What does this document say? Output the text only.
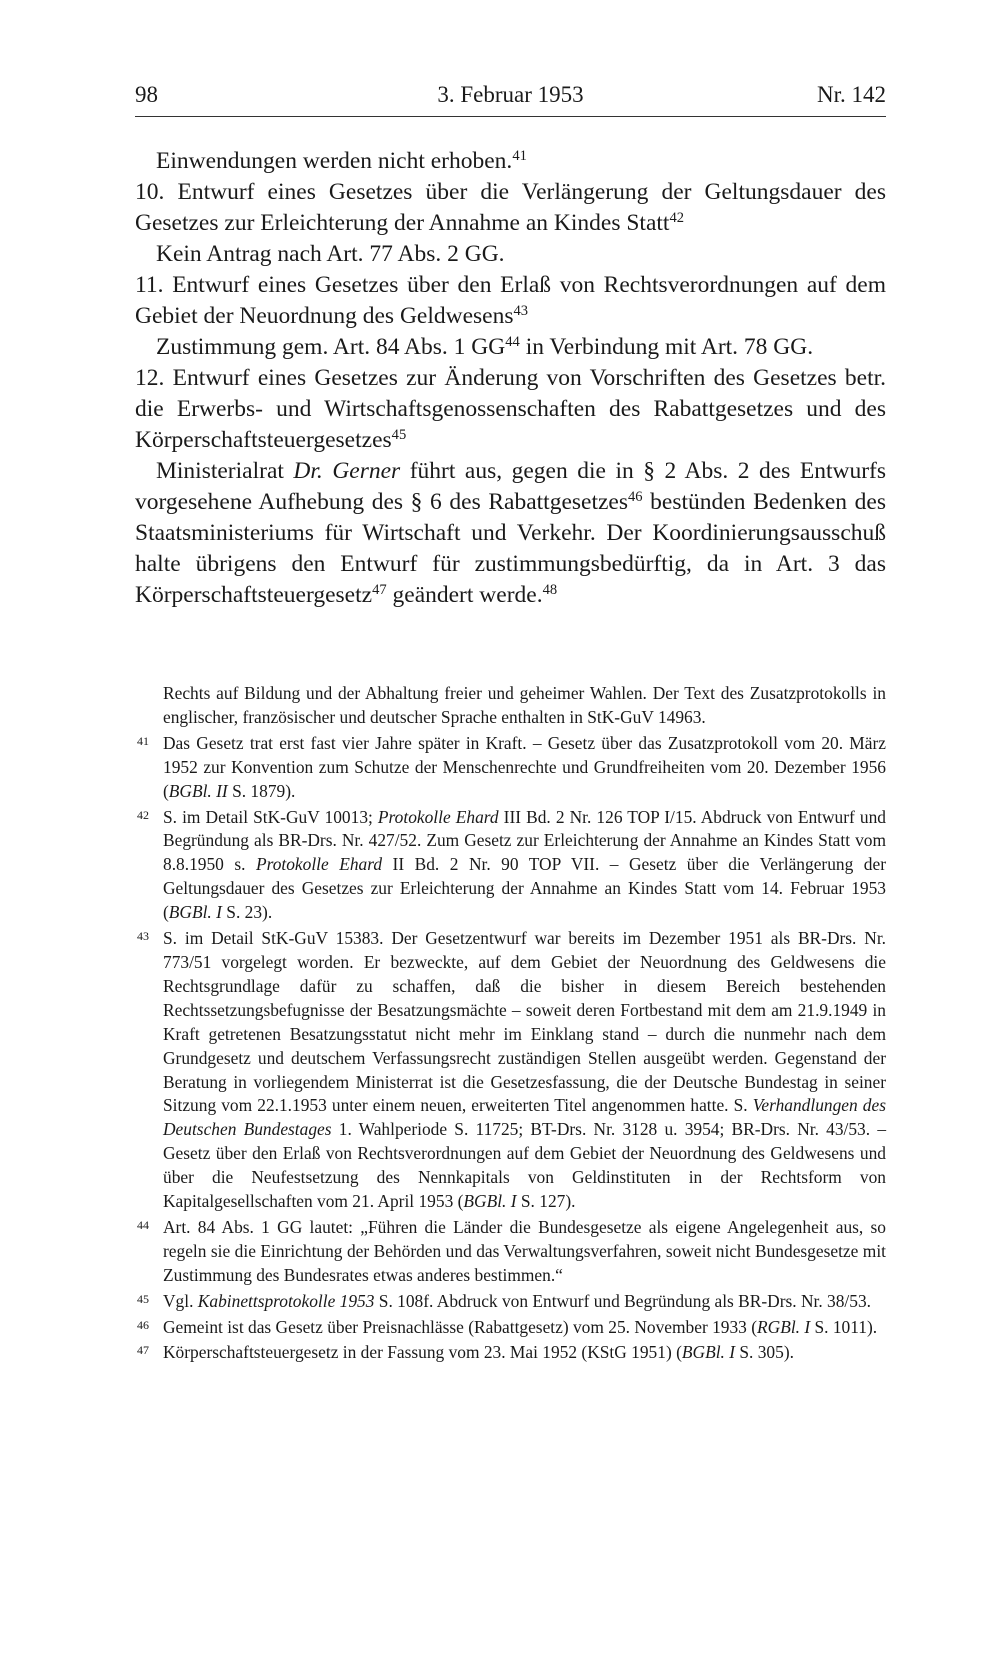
98	3. Februar 1953	Nr. 142

Einwendungen werden nicht erhoben.$^{41}$

10. Entwurf eines Gesetzes über die Verlängerung der Geltungsdauer des Gesetzes zur Erleichterung der Annahme an Kindes Statt$^{42}$

Kein Antrag nach Art. 77 Abs. 2 GG.

11. Entwurf eines Gesetzes über den Erlaß von Rechtsverordnungen auf dem Gebiet der Neuordnung des Geldwesens$^{43}$

Zustimmung gem. Art. 84 Abs. 1 GG$^{44}$ in Verbindung mit Art. 78 GG.

12. Entwurf eines Gesetzes zur Änderung von Vorschriften des Gesetzes betr. die Erwerbs- und Wirtschaftsgenossenschaften des Rabattgesetzes und des Körperschaftsteuergesetzes$^{45}$

Ministerialrat Dr. Gerner führt aus, gegen die in § 2 Abs. 2 des Entwurfs vorgesehene Aufhebung des § 6 des Rabattgesetzes$^{46}$ bestünden Bedenken des Staatsministeriums für Wirtschaft und Verkehr. Der Koordinierungsausschuß halte übrigens den Entwurf für zustimmungsbedürftig, da in Art. 3 das Körperschaftsteuergesetz$^{47}$ geändert werde.$^{48}$

Rechts auf Bildung und der Abhaltung freier und geheimer Wahlen. Der Text des Zusatzprotokolls in englischer, französischer und deutscher Sprache enthalten in StK-GuV 14963.

41 Das Gesetz trat erst fast vier Jahre später in Kraft. – Gesetz über das Zusatzprotokoll vom 20. März 1952 zur Konvention zum Schutze der Menschenrechte und Grundfreiheiten vom 20. Dezember 1956 (BGBl. II S. 1879).

42 S. im Detail StK-GuV 10013; Protokolle Ehard III Bd. 2 Nr. 126 TOP I/15. Abdruck von Entwurf und Begründung als BR-Drs. Nr. 427/52. Zum Gesetz zur Erleichterung der Annahme an Kindes Statt vom 8.8.1950 s. Protokolle Ehard II Bd. 2 Nr. 90 TOP VII. – Gesetz über die Verlängerung der Geltungsdauer des Gesetzes zur Erleichterung der Annahme an Kindes Statt vom 14. Februar 1953 (BGBl. I S. 23).

43 S. im Detail StK-GuV 15383. Der Gesetzentwurf war bereits im Dezember 1951 als BR-Drs. Nr. 773/51 vorgelegt worden. Er bezweckte, auf dem Gebiet der Neuordnung des Geldwesens die Rechtsgrundlage dafür zu schaffen, daß die bisher in diesem Bereich bestehenden Rechtssetzungsbefugnisse der Besatzungsmächte – soweit deren Fortbestand mit dem am 21.9.1949 in Kraft getretenen Besatzungsstatut nicht mehr im Einklang stand – durch die nunmehr nach dem Grundgesetz und deutschem Verfassungsrecht zuständigen Stellen ausgeübt werden. Gegenstand der Beratung in vorliegendem Ministerrat ist die Gesetzesfassung, die der Deutsche Bundestag in seiner Sitzung vom 22.1.1953 unter einem neuen, erweiterten Titel angenommen hatte. S. Verhandlungen des Deutschen Bundestages 1. Wahlperiode S. 11725; BT-Drs. Nr. 3128 u. 3954; BR-Drs. Nr. 43/53. – Gesetz über den Erlaß von Rechtsverordnungen auf dem Gebiet der Neuordnung des Geldwesens und über die Neufestsetzung des Nennkapitals von Geldinstituten in der Rechtsform von Kapitalgesellschaften vom 21. April 1953 (BGBl. I S. 127).

44 Art. 84 Abs. 1 GG lautet: „Führen die Länder die Bundesgesetze als eigene Angelegenheit aus, so regeln sie die Einrichtung der Behörden und das Verwaltungsverfahren, soweit nicht Bundesgesetze mit Zustimmung des Bundesrates etwas anderes bestimmen.“

45 Vgl. Kabinettsprotokolle 1953 S. 108f. Abdruck von Entwurf und Begründung als BR-Drs. Nr. 38/53.

46 Gemeint ist das Gesetz über Preisnachlässe (Rabattgesetz) vom 25. November 1933 (RGBl. I S. 1011).

47 Körperschaftsteuergesetz in der Fassung vom 23. Mai 1952 (KStG 1951) (BGBl. I S. 305).
